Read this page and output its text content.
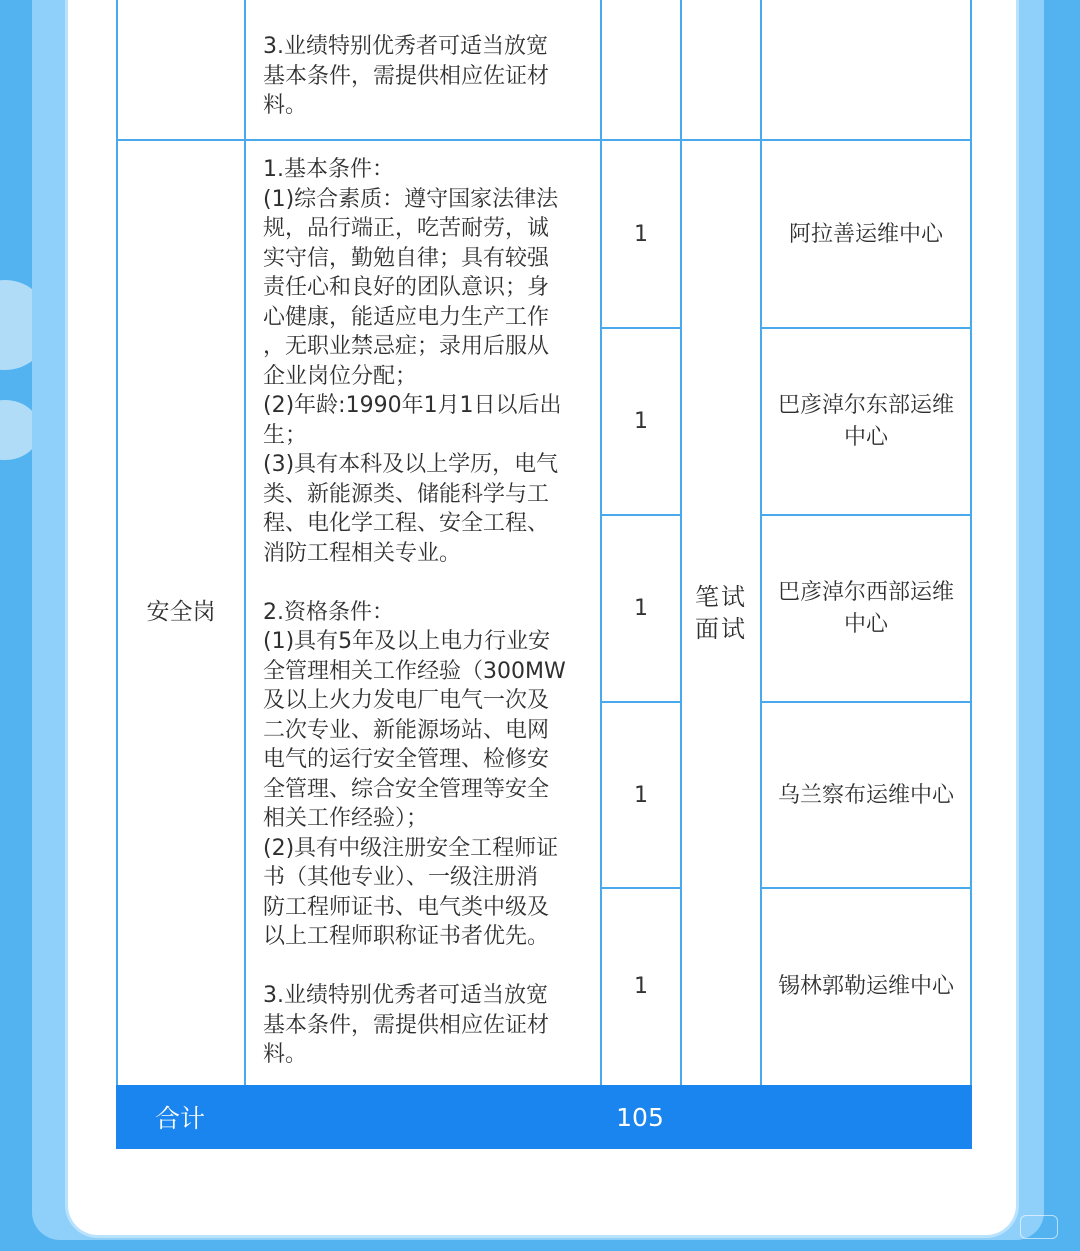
3.业绩特别优秀者可适当放宽

基本条件，需提供相应佐证材

料。

安全岗

1.基本条件：

(1)综合素质：遵守国家法律法

规，品行端正，吃苦耐劳，诚

实守信，勤勉自律；具有较强

责任心和良好的团队意识；身

心健康，能适应电力生产工作

，无职业禁忌症；录用后服从

企业岗位分配；

(2)年龄:1990年1月1日以后出

生；

(3)具有本科及以上学历，电气

类、新能源类、储能科学与工

程、电化学工程、安全工程、

消防工程相关专业。

2.资格条件：

(1)具有5年及以上电力行业安

全管理相关工作经验（300MW

及以上火力发电厂电气一次及

二次专业、新能源场站、电网

电气的运行安全管理、检修安

全管理、综合安全管理等安全

相关工作经验）；

(2)具有中级注册安全工程师证

书（其他专业）、一级注册消

防工程师证书、电气类中级及

以上工程师职称证书者优先。

3.业绩特别优秀者可适当放宽

基本条件，需提供相应佐证材

料。

1
1
1
1
1
笔试面试
阿拉善运维中心
巴彦淖尔东部运维中心
巴彦淖尔西部运维中心
乌兰察布运维中心
锡林郭勒运维中心
合计	105
